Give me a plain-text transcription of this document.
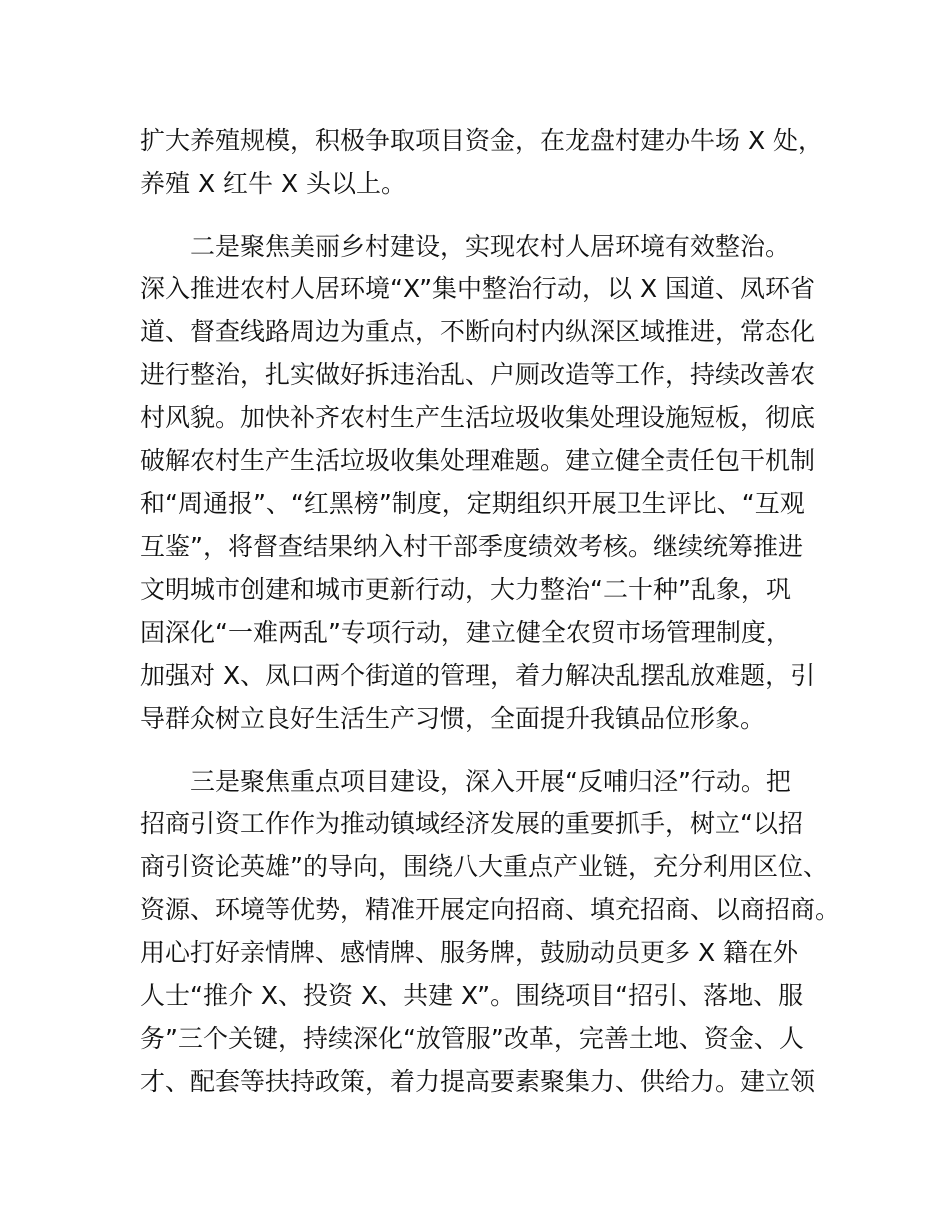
扩大养殖规模，积极争取项目资金，在龙盘村建办牛场 X 处，
养殖 X 红牛 X 头以上。
二是聚焦美丽乡村建设，实现农村人居环境有效整治。
深入推进农村人居环境“X”集中整治行动，以 X 国道、凤环省
道、督查线路周边为重点，不断向村内纵深区域推进，常态化
进行整治，扎实做好拆违治乱、户厕改造等工作，持续改善农
村风貌。加快补齐农村生产生活垃圾收集处理设施短板，彻底
破解农村生产生活垃圾收集处理难题。建立健全责任包干机制
和“周通报”、“红黑榜”制度，定期组织开展卫生评比、“互观
互鉴”，将督查结果纳入村干部季度绩效考核。继续统筹推进
文明城市创建和城市更新行动，大力整治“二十种”乱象，巩
固深化“一难两乱”专项行动，建立健全农贸市场管理制度，
加强对 X、凤口两个街道的管理，着力解决乱摆乱放难题，引
导群众树立良好生活生产习惯，全面提升我镇品位形象。
三是聚焦重点项目建设，深入开展“反哺归泾”行动。把
招商引资工作作为推动镇域经济发展的重要抓手，树立“以招
商引资论英雄”的导向，围绕八大重点产业链，充分利用区位、
资源、环境等优势，精准开展定向招商、填充招商、以商招商。
用心打好亲情牌、感情牌、服务牌，鼓励动员更多 X 籍在外
人士“推介 X、投资 X、共建 X”。围绕项目“招引、落地、服
务”三个关键，持续深化“放管服”改革，完善土地、资金、人
才、配套等扶持政策，着力提高要素聚集力、供给力。建立领
